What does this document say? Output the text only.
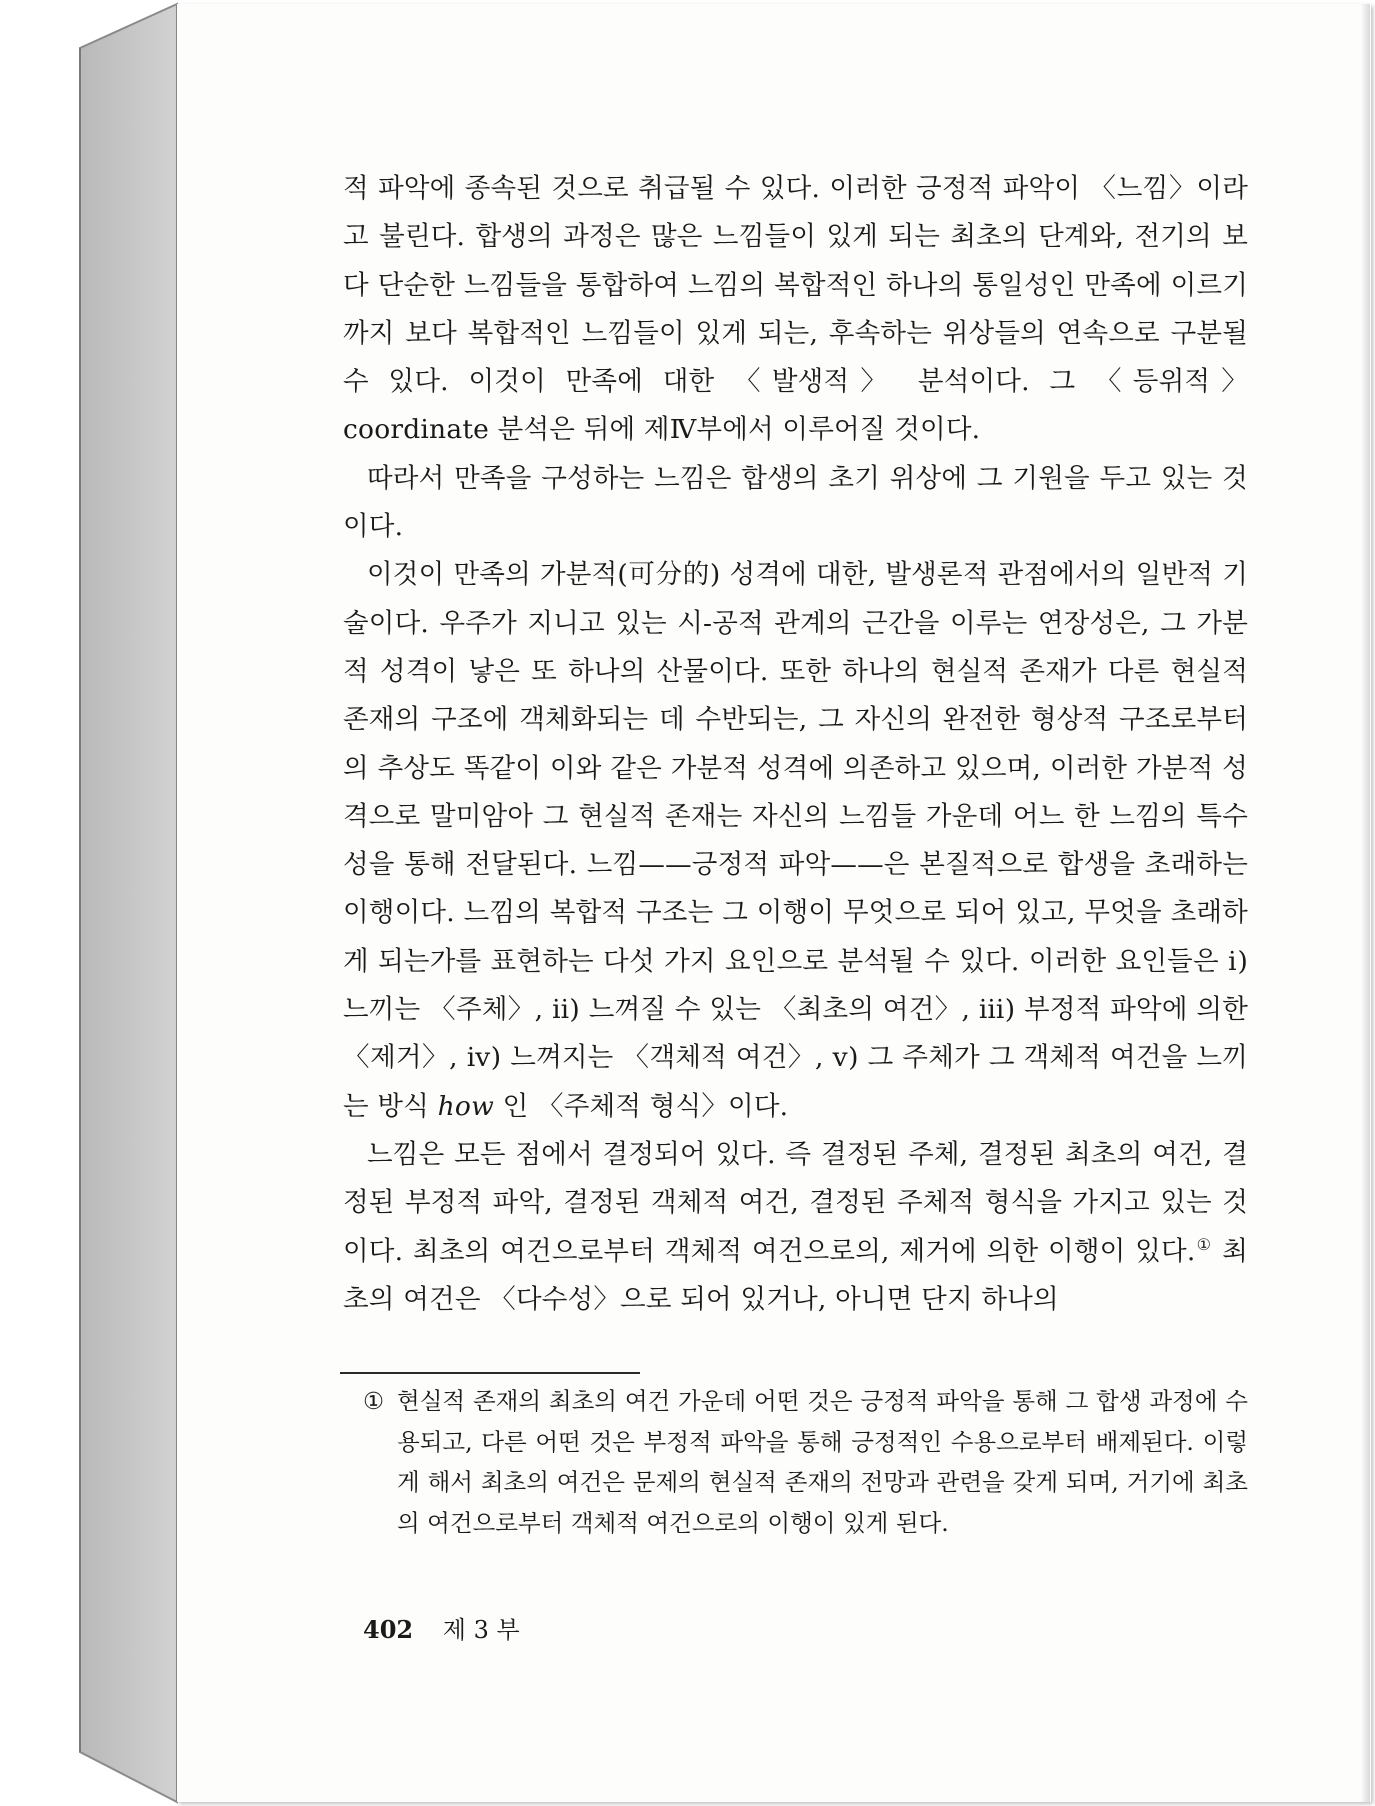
적 파악에 종속된 것으로 취급될 수 있다. 이러한 긍정적 파악이 〈느낌〉이라고 불린다. 합생의 과정은 많은 느낌들이 있게 되는 최초의 단계와, 전기의 보다 단순한 느낌들을 통합하여 느낌의 복합적인 하나의 통일성인 만족에 이르기까지 보다 복합적인 느낌들이 있게 되는, 후속하는 위상들의 연속으로 구분될 수 있다. 이것이 만족에 대한 〈발생적〉 분석이다. 그 〈등위적〉 coordinate 분석은 뒤에 제Ⅳ부에서 이루어질 것이다.

따라서 만족을 구성하는 느낌은 합생의 초기 위상에 그 기원을 두고 있는 것이다.

이것이 만족의 가분적(可分的) 성격에 대한, 발생론적 관점에서의 일반적 기술이다. 우주가 지니고 있는 시-공적 관계의 근간을 이루는 연장성은, 그 가분적 성격이 낳은 또 하나의 산물이다. 또한 하나의 현실적 존재가 다른 현실적 존재의 구조에 객체화되는 데 수반되는, 그 자신의 완전한 형상적 구조로부터의 추상도 똑같이 이와 같은 가분적 성격에 의존하고 있으며, 이러한 가분적 성격으로 말미암아 그 현실적 존재는 자신의 느낌들 가운데 어느 한 느낌의 특수성을 통해 전달된다. 느낌——긍정적 파악——은 본질적으로 합생을 초래하는 이행이다. 느낌의 복합적 구조는 그 이행이 무엇으로 되어 있고, 무엇을 초래하게 되는가를 표현하는 다섯 가지 요인으로 분석될 수 있다. 이러한 요인들은 ⅰ) 느끼는 〈주체〉, ⅱ) 느껴질 수 있는 〈최초의 여건〉, ⅲ) 부정적 파악에 의한 〈제거〉, ⅳ) 느껴지는 〈객체적 여건〉, ⅴ) 그 주체가 그 객체적 여건을 느끼는 방식 how 인 〈주체적 형식〉이다.

느낌은 모든 점에서 결정되어 있다. 즉 결정된 주체, 결정된 최초의 여건, 결정된 부정적 파악, 결정된 객체적 여건, 결정된 주체적 형식을 가지고 있는 것이다. 최초의 여건으로부터 객체적 여건으로의, 제거에 의한 이행이 있다.① 최초의 여건은 〈다수성〉으로 되어 있거나, 아니면 단지 하나의

① 현실적 존재의 최초의 여건 가운데 어떤 것은 긍정적 파악을 통해 그 합생 과정에 수용되고, 다른 어떤 것은 부정적 파악을 통해 긍정적인 수용으로부터 배제된다. 이렇게 해서 최초의 여건은 문제의 현실적 존재의 전망과 관련을 갖게 되며, 거기에 최초의 여건으로부터 객체적 여건으로의 이행이 있게 된다.
402 제 3 부
